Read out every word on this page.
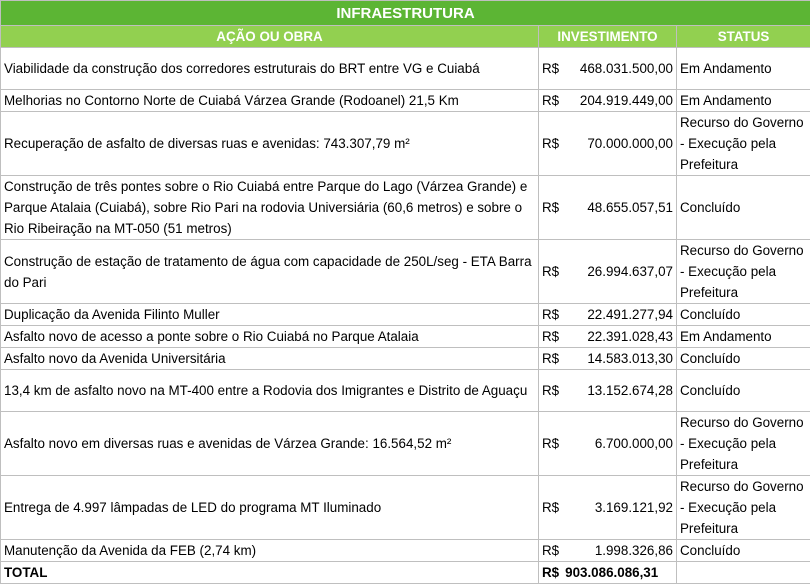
INFRAESTRUTURA		
AÇÃO OU OBRA	INVESTIMENTO	STATUS
Viabilidade da construção dos corredores estruturais do BRT entre VG e Cuiabá	R$ 468.031.500,00	Em Andamento
Melhorias no Contorno Norte de Cuiabá Várzea Grande (Rodoanel) 21,5 Km	R$ 204.919.449,00	Em Andamento
Recuperação de asfalto de diversas ruas e avenidas: 743.307,79 m²	R$ 70.000.000,00	Recurso do Governo - Execução pela Prefeitura
Construção de três pontes sobre o Rio Cuiabá entre Parque do Lago (Várzea Grande) e Parque Atalaia (Cuiabá), sobre Rio Pari na rodovia Universiária (60,6 metros) e sobre o Rio Ribeiração na MT-050 (51 metros)	R$ 48.655.057,51	Concluído
Construção de estação de tratamento de água com capacidade de 250L/seg - ETA Barra do Pari	R$ 26.994.637,07	Recurso do Governo - Execução pela Prefeitura
Duplicação da Avenida Filinto Muller	R$ 22.491.277,94	Concluído
Asfalto novo de acesso a ponte sobre o Rio Cuiabá no Parque Atalaia	R$ 22.391.028,43	Em Andamento
Asfalto novo da Avenida Universitária	R$ 14.583.013,30	Concluído
13,4 km de asfalto novo na MT-400 entre a Rodovia dos Imigrantes e Distrito de Aguaçu	R$ 13.152.674,28	Concluído
Asfalto novo em diversas ruas e avenidas de Várzea Grande: 16.564,52 m²	R$ 6.700.000,00	Recurso do Governo - Execução pela Prefeitura
Entrega de 4.997 lâmpadas de LED do programa MT Iluminado	R$ 3.169.121,92	Recurso do Governo - Execução pela Prefeitura
Manutenção da Avenida da FEB (2,74 km)	R$ 1.998.326,86	Concluído
TOTAL	R$ 903.086.086,31	
